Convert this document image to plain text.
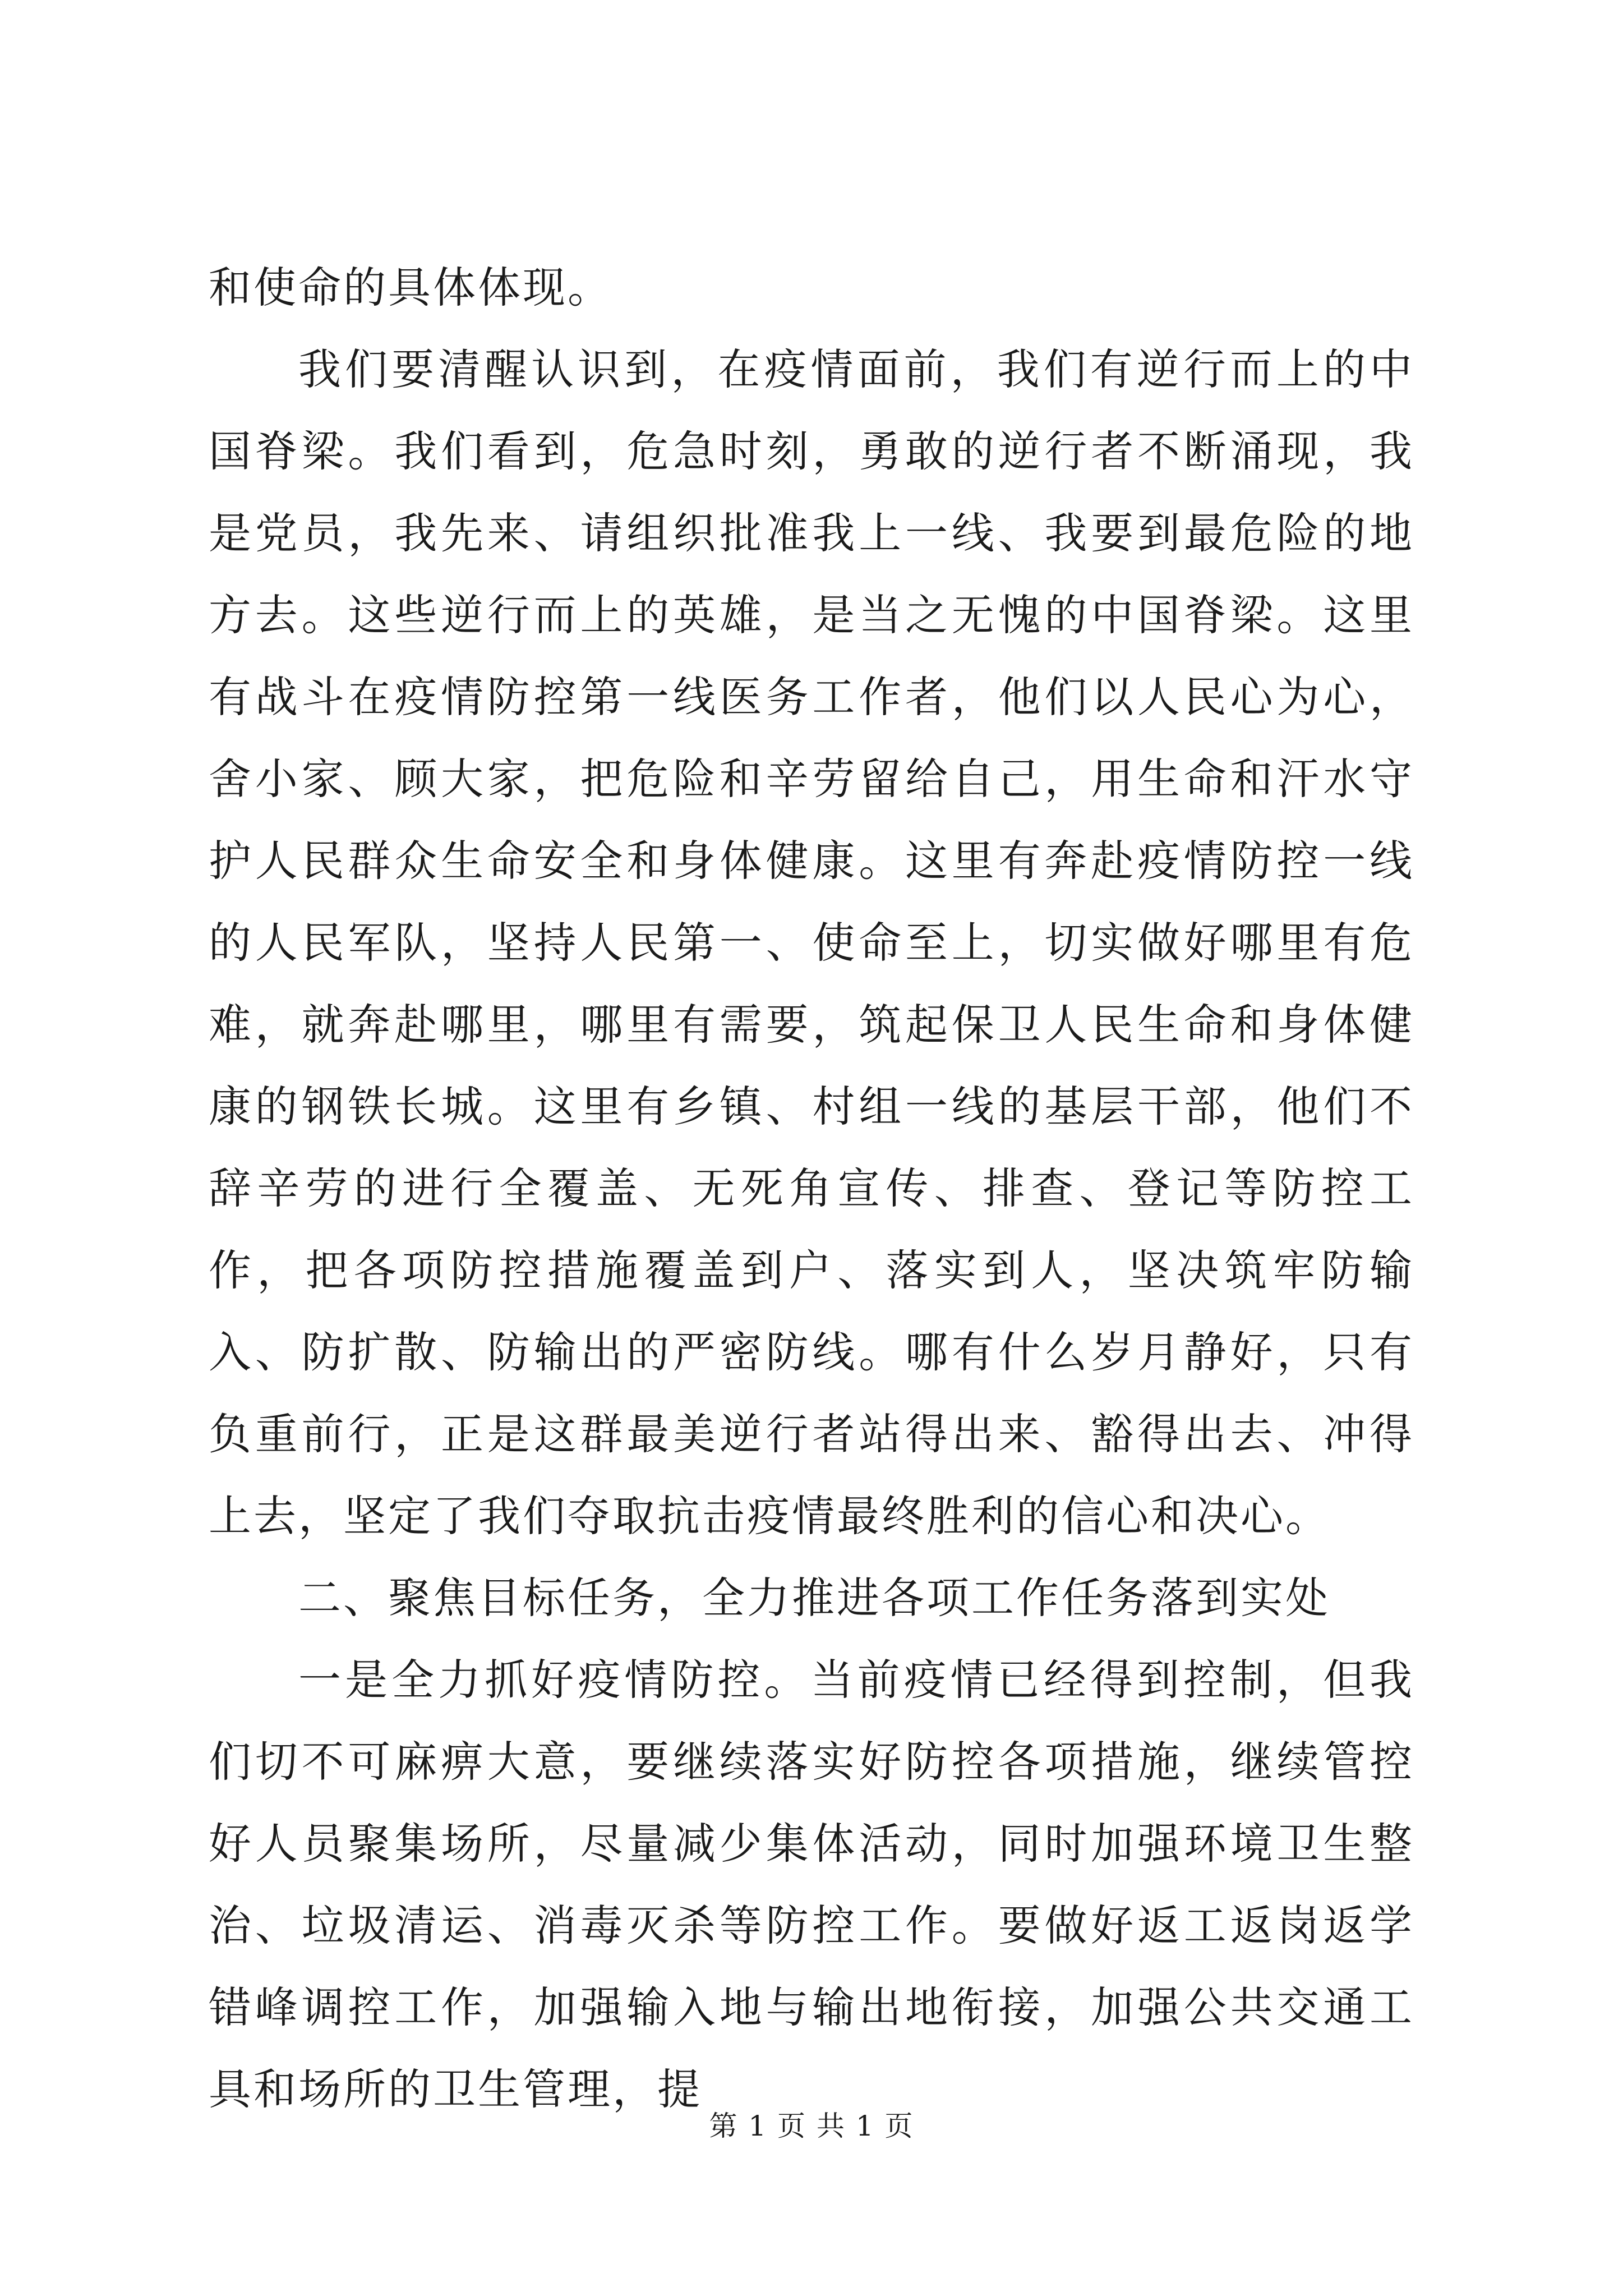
和使命的具体体现。

我们要清醒认识到，在疫情面前，我们有逆行而上的中国脊梁。我们看到，危急时刻，勇敢的逆行者不断涌现，我是党员，我先来、请组织批准我上一线、我要到最危险的地方去。这些逆行而上的英雄，是当之无愧的中国脊梁。这里有战斗在疫情防控第一线医务工作者，他们以人民心为心，舍小家、顾大家，把危险和辛劳留给自己，用生命和汗水守护人民群众生命安全和身体健康。这里有奔赴疫情防控一线的人民军队，坚持人民第一、使命至上，切实做好哪里有危难，就奔赴哪里，哪里有需要，筑起保卫人民生命和身体健康的钢铁长城。这里有乡镇、村组一线的基层干部，他们不辞辛劳的进行全覆盖、无死角宣传、排查、登记等防控工作，把各项防控措施覆盖到户、落实到人，坚决筑牢防输入、防扩散、防输出的严密防线。哪有什么岁月静好，只有负重前行，正是这群最美逆行者站得出来、豁得出去、冲得上去，坚定了我们夺取抗击疫情最终胜利的信心和决心。

二、聚焦目标任务，全力推进各项工作任务落到实处

一是全力抓好疫情防控。当前疫情已经得到控制，但我们切不可麻痹大意，要继续落实好防控各项措施，继续管控好人员聚集场所，尽量减少集体活动，同时加强环境卫生整治、垃圾清运、消毒灭杀等防控工作。要做好返工返岗返学错峰调控工作，加强输入地与输出地衔接，加强公共交通工具和场所的卫生管理，提

第 1 页 共 1 页
